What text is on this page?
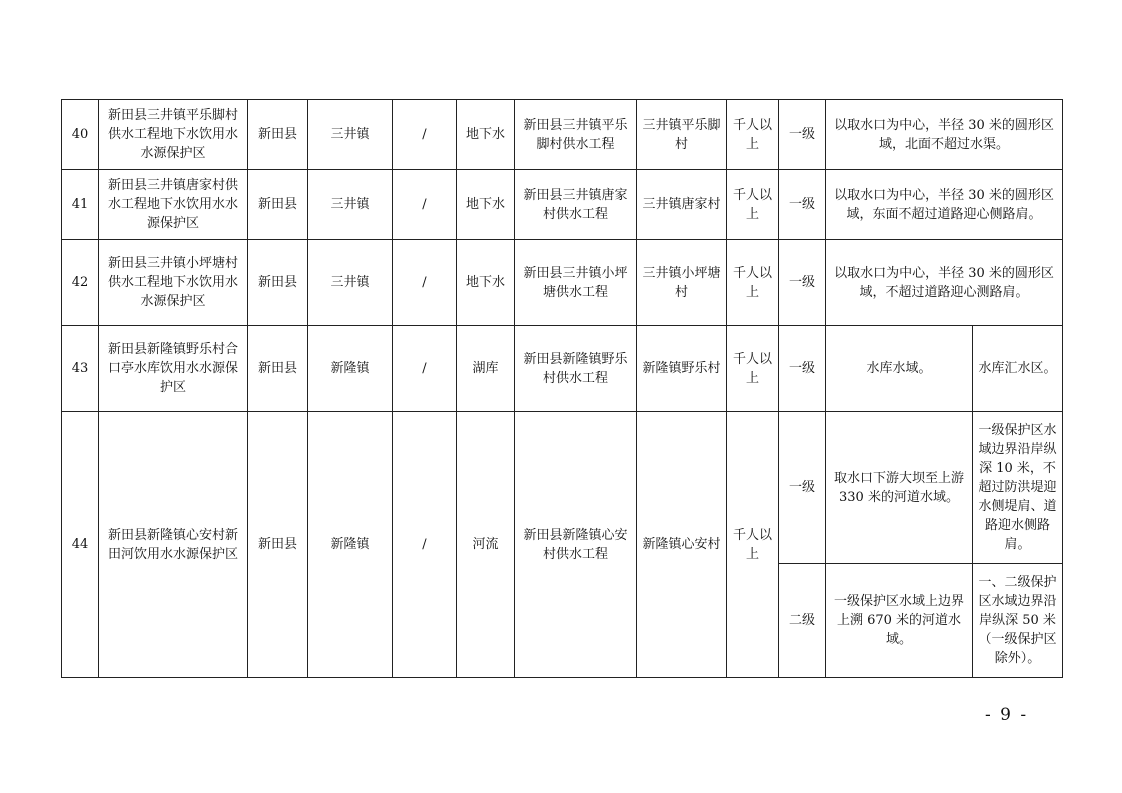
40	新田县三井镇平乐脚村供水工程地下水饮用水水源保护区	新田县	三井镇	/	地下水	新田县三井镇平乐脚村供水工程	三井镇平乐脚村	千人以上	一级	以取水口为中心，半径 30 米的圆形区域，北面不超过水渠。	
41	新田县三井镇唐家村供水工程地下水饮用水水源保护区	新田县	三井镇	/	地下水	新田县三井镇唐家村供水工程	三井镇唐家村	千人以上	一级	以取水口为中心，半径 30 米的圆形区域，东面不超过道路迎心侧路肩。	
42	新田县三井镇小坪塘村供水工程地下水饮用水水源保护区	新田县	三井镇	/	地下水	新田县三井镇小坪塘供水工程	三井镇小坪塘村	千人以上	一级	以取水口为中心，半径 30 米的圆形区域，不超过道路迎心测路肩。	
43	新田县新隆镇野乐村合口亭水库饮用水水源保护区	新田县	新隆镇	/	湖库	新田县新隆镇野乐村供水工程	新隆镇野乐村	千人以上	一级	水库水域。	水库汇水区。
44	新田县新隆镇心安村新田河饮用水水源保护区	新田县	新隆镇	/	河流	新田县新隆镇心安村供水工程	新隆镇心安村	千人以上	一级	取水口下游大坝至上游 330 米的河道水域。	一级保护区水域边界沿岸纵深 10 米，不超过防洪堤迎水侧堤肩、道路迎水侧路肩。
									二级	一级保护区水域上边界上溯 670 米的河道水域。	一、二级保护区水域边界沿岸纵深 50 米（一级保护区除外）。
- 9 -
